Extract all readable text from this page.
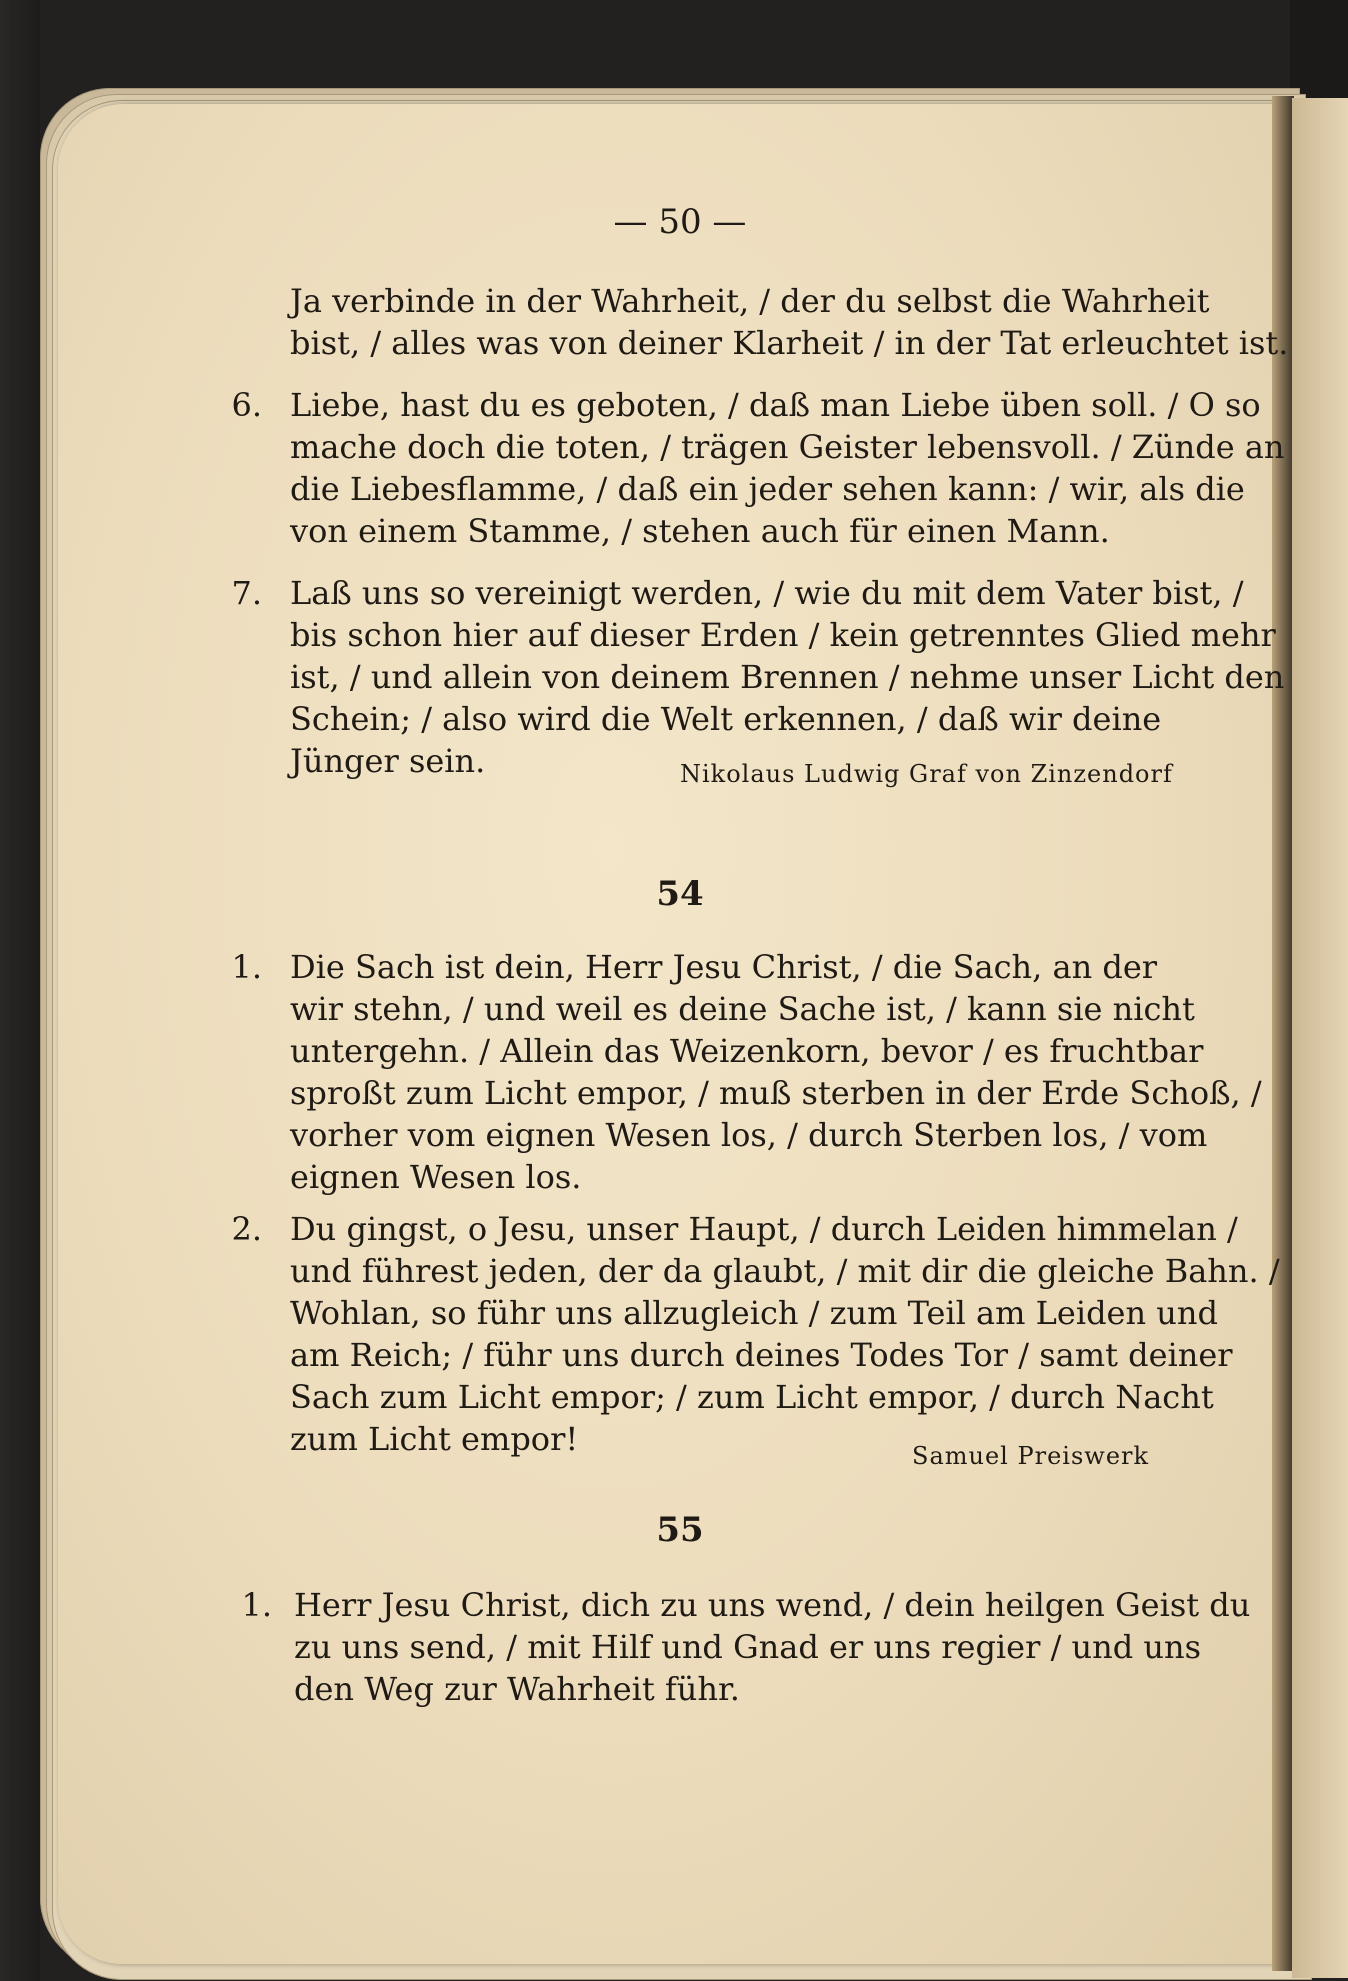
— 50 —
Ja verbinde in der Wahrheit, / der du selbst die Wahrheit
bist, / alles was von deiner Klarheit / in der Tat erleuchtet ist.
6. Liebe, hast du es geboten, / daß man Liebe üben soll. / O so
mache doch die toten, / trägen Geister lebensvoll. / Zünde an
die Liebesflamme, / daß ein jeder sehen kann: / wir, als die
von einem Stamme, / stehen auch für einen Mann.
7. Laß uns so vereinigt werden, / wie du mit dem Vater bist, /
bis schon hier auf dieser Erden / kein getrenntes Glied mehr
ist, / und allein von deinem Brennen / nehme unser Licht den
Schein; / also wird die Welt erkennen, / daß wir deine
Jünger sein.	Nikolaus Ludwig Graf von Zinzendorf
54
1. Die Sach ist dein, Herr Jesu Christ, / die Sach, an der
wir stehn, / und weil es deine Sache ist, / kann sie nicht
untergehn. / Allein das Weizenkorn, bevor / es fruchtbar
sproßt zum Licht empor, / muß sterben in der Erde Schoß, /
vorher vom eignen Wesen los, / durch Sterben los, / vom
eignen Wesen los.
2. Du gingst, o Jesu, unser Haupt, / durch Leiden himmelan /
und führest jeden, der da glaubt, / mit dir die gleiche Bahn. /
Wohlan, so führ uns allzugleich / zum Teil am Leiden und
am Reich; / führ uns durch deines Todes Tor / samt deiner
Sach zum Licht empor; / zum Licht empor, / durch Nacht
zum Licht empor!	Samuel Preiswerk
55
1. Herr Jesu Christ, dich zu uns wend, / dein heilgen Geist du
zu uns send, / mit Hilf und Gnad er uns regier / und uns
den Weg zur Wahrheit führ.
